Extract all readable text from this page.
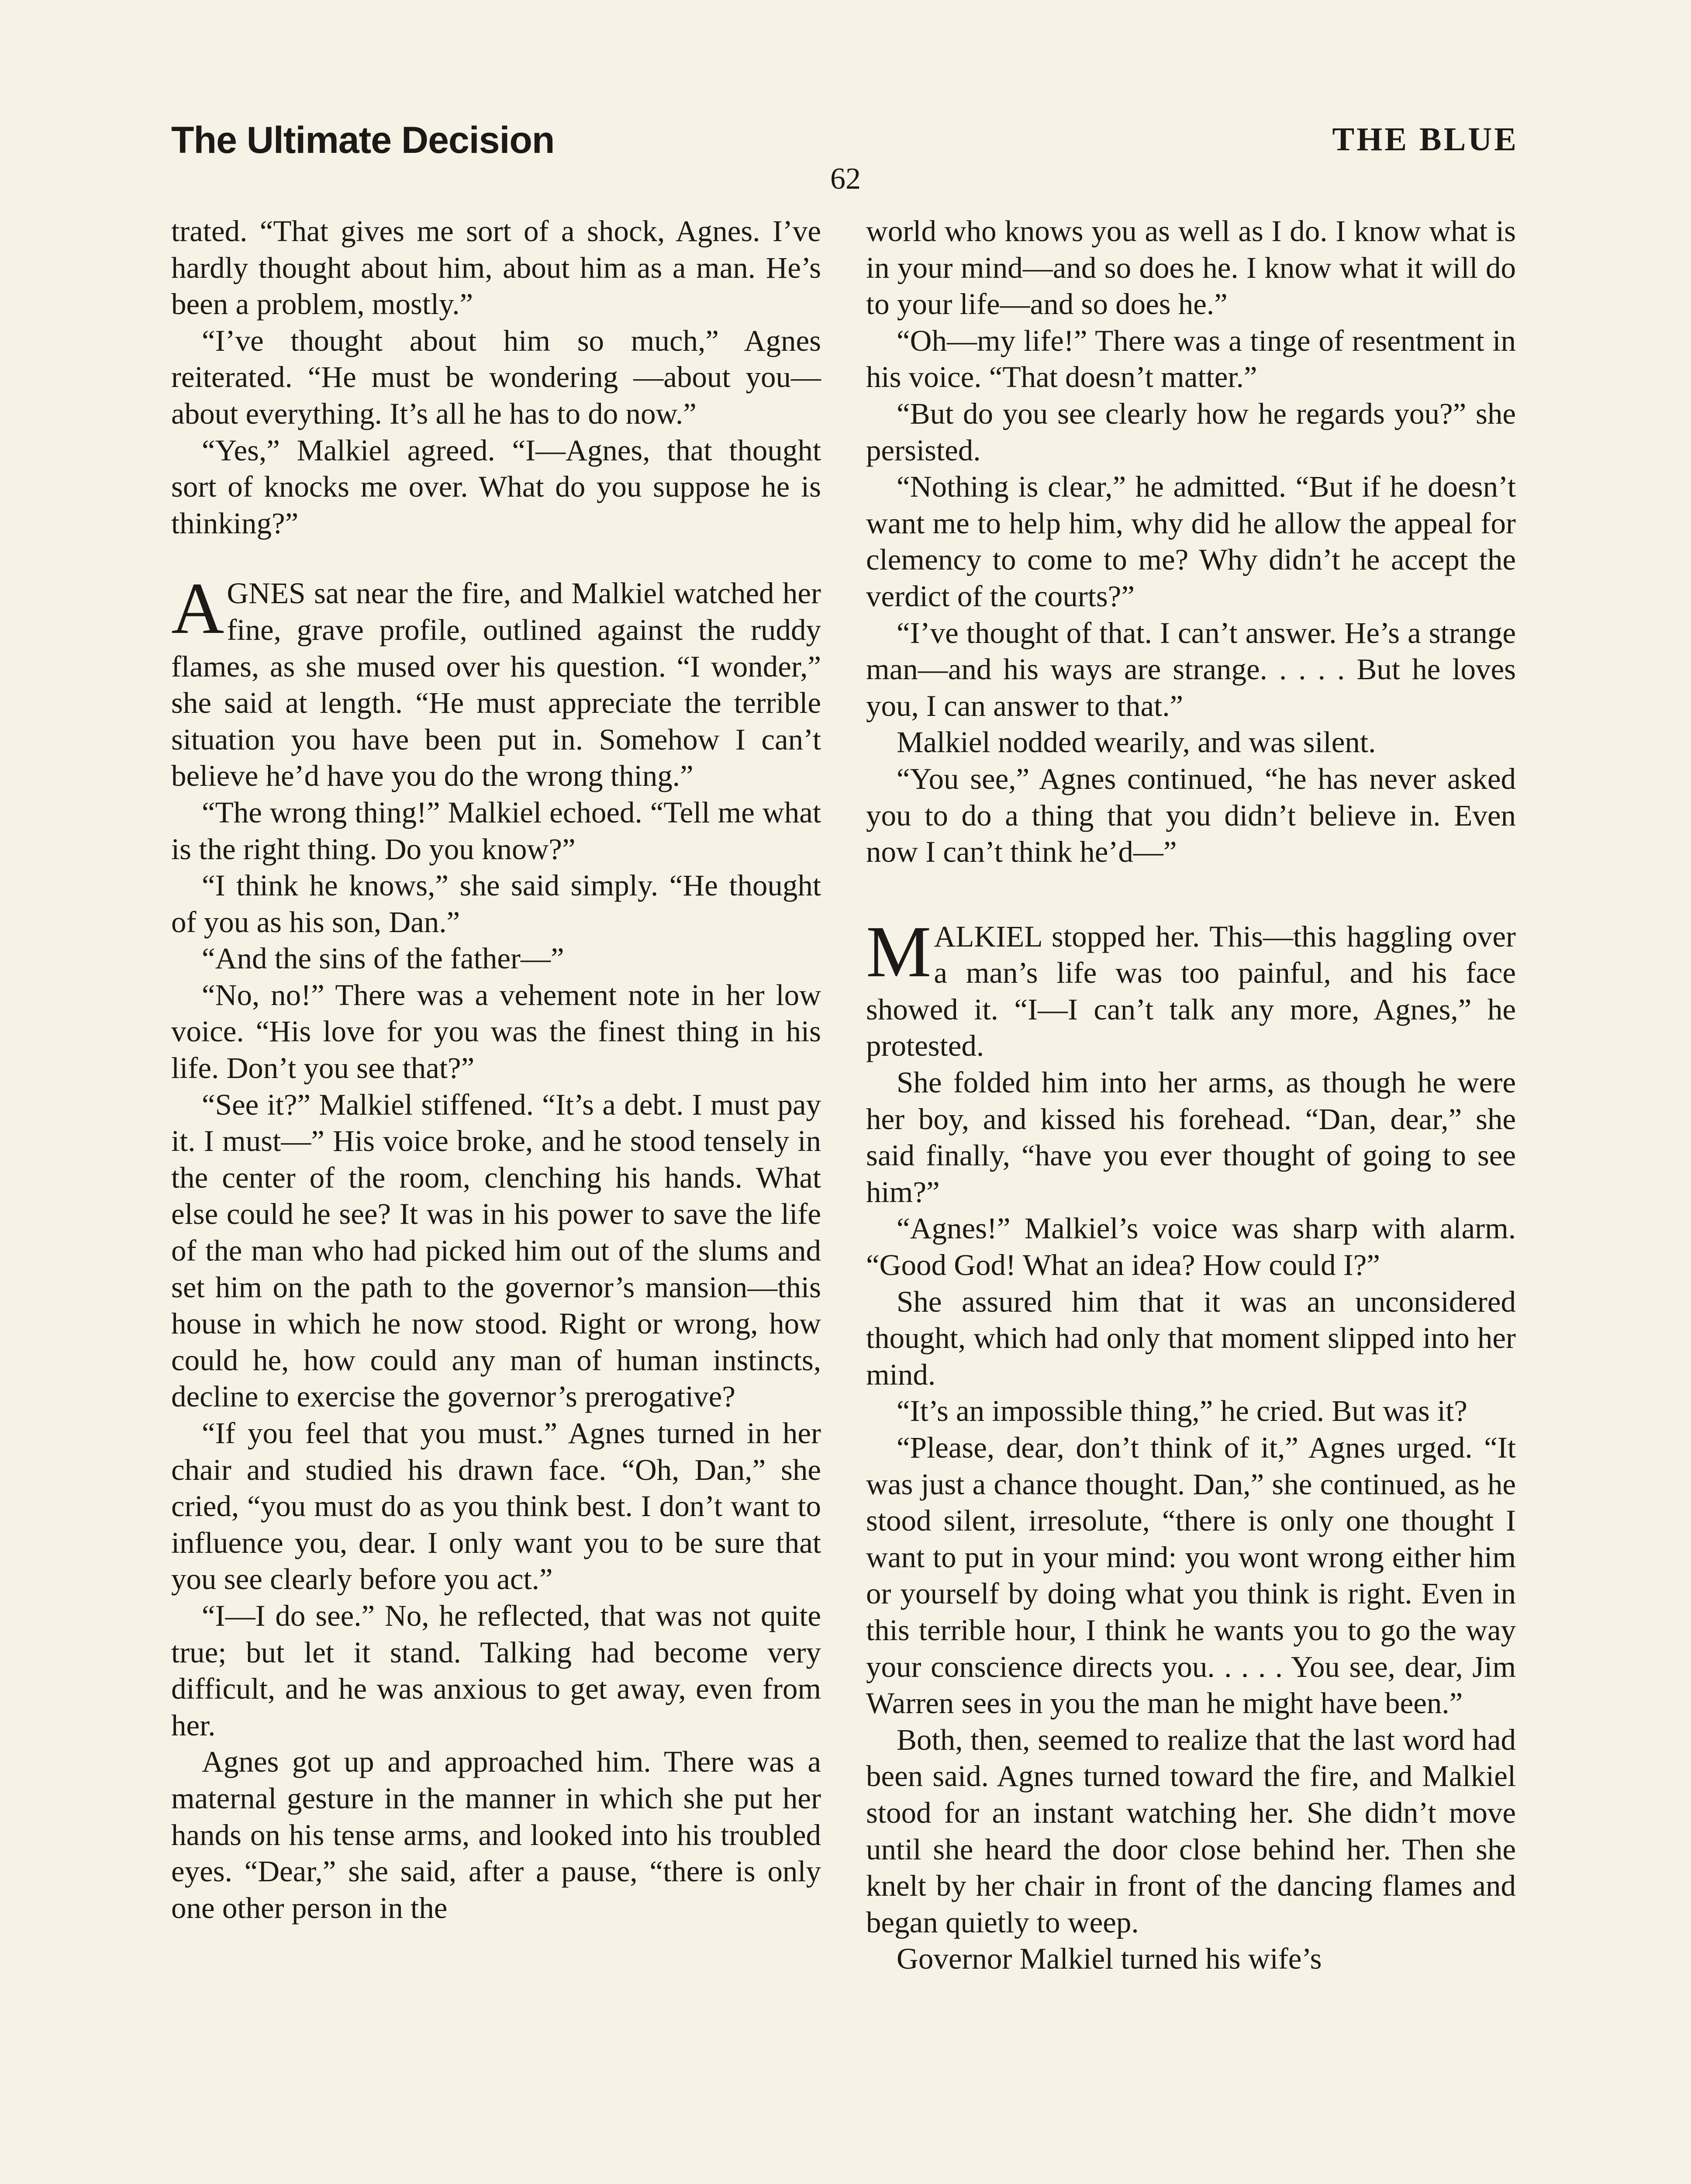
The Ultimate Decision	THE BLUE
62

trated. “That gives me sort of a shock, Agnes. I’ve hardly thought about him, about him as a man. He’s been a problem, mostly.”

“I’ve thought about him so much,” Agnes reiterated. “He must be wondering —about you—about everything. It’s all he has to do now.”

“Yes,” Malkiel agreed. “I—Agnes, that thought sort of knocks me over. What do you suppose he is thinking?”

AGNES sat near the fire, and Malkiel watched her fine, grave profile, outlined against the ruddy flames, as she mused over his question. “I wonder,” she said at length. “He must appreciate the terrible situation you have been put in. Somehow I can’t believe he’d have you do the wrong thing.”

“The wrong thing!” Malkiel echoed. “Tell me what is the right thing. Do you know?”

“I think he knows,” she said simply. “He thought of you as his son, Dan.”

“And the sins of the father—”

“No, no!” There was a vehement note in her low voice. “His love for you was the finest thing in his life. Don’t you see that?”

“See it?” Malkiel stiffened. “It’s a debt. I must pay it. I must—” His voice broke, and he stood tensely in the center of the room, clenching his hands. What else could he see? It was in his power to save the life of the man who had picked him out of the slums and set him on the path to the governor’s mansion—this house in which he now stood. Right or wrong, how could he, how could any man of human instincts, decline to exercise the governor’s prerogative?

“If you feel that you must.” Agnes turned in her chair and studied his drawn face. “Oh, Dan,” she cried, “you must do as you think best. I don’t want to influence you, dear. I only want you to be sure that you see clearly before you act.”

“I—I do see.” No, he reflected, that was not quite true; but let it stand. Talking had become very difficult, and he was anxious to get away, even from her.

Agnes got up and approached him. There was a maternal gesture in the manner in which she put her hands on his tense arms, and looked into his troubled eyes. “Dear,” she said, after a pause, “there is only one other person in the

world who knows you as well as I do. I know what is in your mind—and so does he. I know what it will do to your life—and so does he.”

“Oh—my life!” There was a tinge of resentment in his voice. “That doesn’t matter.”

“But do you see clearly how he regards you?” she persisted.

“Nothing is clear,” he admitted. “But if he doesn’t want me to help him, why did he allow the appeal for clemency to come to me? Why didn’t he accept the verdict of the courts?”

“I’ve thought of that. I can’t answer. He’s a strange man—and his ways are strange. . . . . But he loves you, I can answer to that.”

Malkiel nodded wearily, and was silent.

“You see,” Agnes continued, “he has never asked you to do a thing that you didn’t believe in. Even now I can’t think he’d—”

MALKIEL stopped her. This—this haggling over a man’s life was too painful, and his face showed it. “I—I can’t talk any more, Agnes,” he protested.

She folded him into her arms, as though he were her boy, and kissed his forehead. “Dan, dear,” she said finally, “have you ever thought of going to see him?”

“Agnes!” Malkiel’s voice was sharp with alarm. “Good God! What an idea? How could I?”

She assured him that it was an unconsidered thought, which had only that moment slipped into her mind.

“It’s an impossible thing,” he cried. But was it?

“Please, dear, don’t think of it,” Agnes urged. “It was just a chance thought. Dan,” she continued, as he stood silent, irresolute, “there is only one thought I want to put in your mind: you wont wrong either him or yourself by doing what you think is right. Even in this terrible hour, I think he wants you to go the way your conscience directs you. . . . . You see, dear, Jim Warren sees in you the man he might have been.”

Both, then, seemed to realize that the last word had been said. Agnes turned toward the fire, and Malkiel stood for an instant watching her. She didn’t move until she heard the door close behind her. Then she knelt by her chair in front of the dancing flames and began quietly to weep.

Governor Malkiel turned his wife’s
